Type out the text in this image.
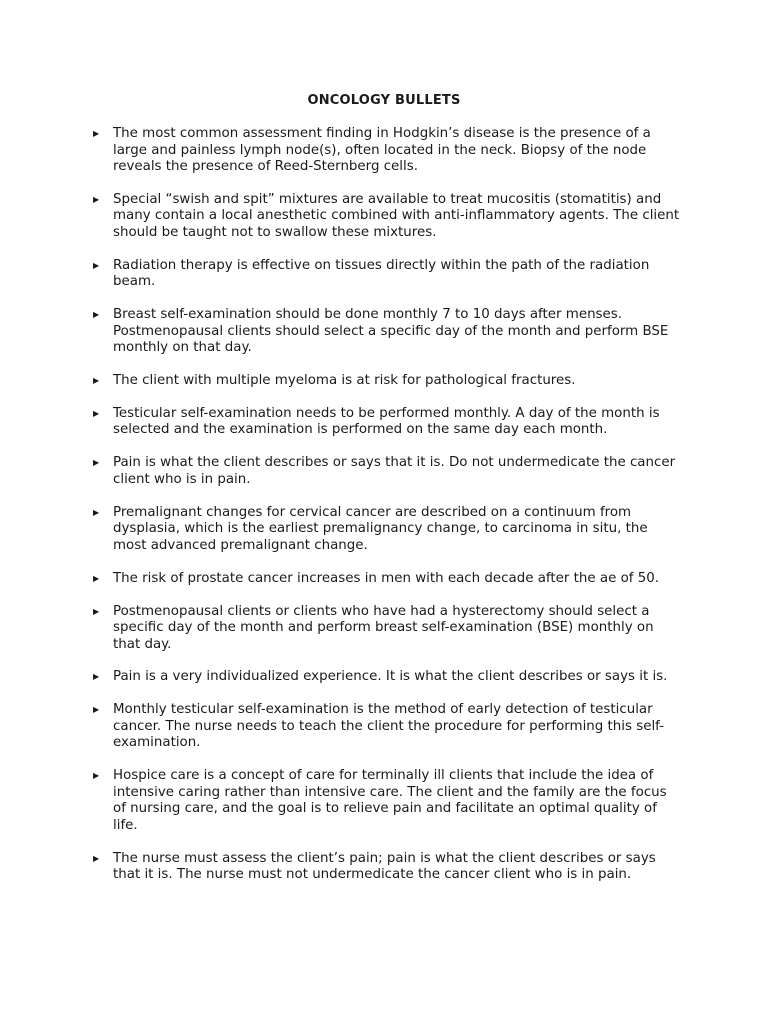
ONCOLOGY BULLETS
▶	The most common assessment finding in Hodgkin’s disease is the presence of a large and painless lymph node(s), often located in the neck. Biopsy of the node reveals the presence of Reed-Sternberg cells.
▶	Special “swish and spit” mixtures are available to treat mucositis (stomatitis) and many contain a local anesthetic combined with anti-inflammatory agents. The client should be taught not to swallow these mixtures.
▶	Radiation therapy is effective on tissues directly within the path of the radiation beam.
▶	Breast self-examination should be done monthly 7 to 10 days after menses. Postmenopausal clients should select a specific day of the month and perform BSE monthly on that day.
▶	The client with multiple myeloma is at risk for pathological fractures.
▶	Testicular self-examination needs to be performed monthly. A day of the month is selected and the examination is performed on the same day each month.
▶	Pain is what the client describes or says that it is. Do not undermedicate the cancer client who is in pain.
▶	Premalignant changes for cervical cancer are described on a continuum from dysplasia, which is the earliest premalignancy change, to carcinoma in situ, the most advanced premalignant change.
▶	The risk of prostate cancer increases in men with each decade after the ae of 50.
▶	Postmenopausal clients or clients who have had a hysterectomy should select a specific day of the month and perform breast self-examination (BSE) monthly on that day.
▶	Pain is a very individualized experience. It is what the client describes or says it is.
▶	Monthly testicular self-examination is the method of early detection of testicular cancer. The nurse needs to teach the client the procedure for performing this self-examination.
▶	Hospice care is a concept of care for terminally ill clients that include the idea of intensive caring rather than intensive care. The client and the family are the focus of nursing care, and the goal is to relieve pain and facilitate an optimal quality of life.
▶	The nurse must assess the client’s pain; pain is what the client describes or says that it is. The nurse must not undermedicate the cancer client who is in pain.
